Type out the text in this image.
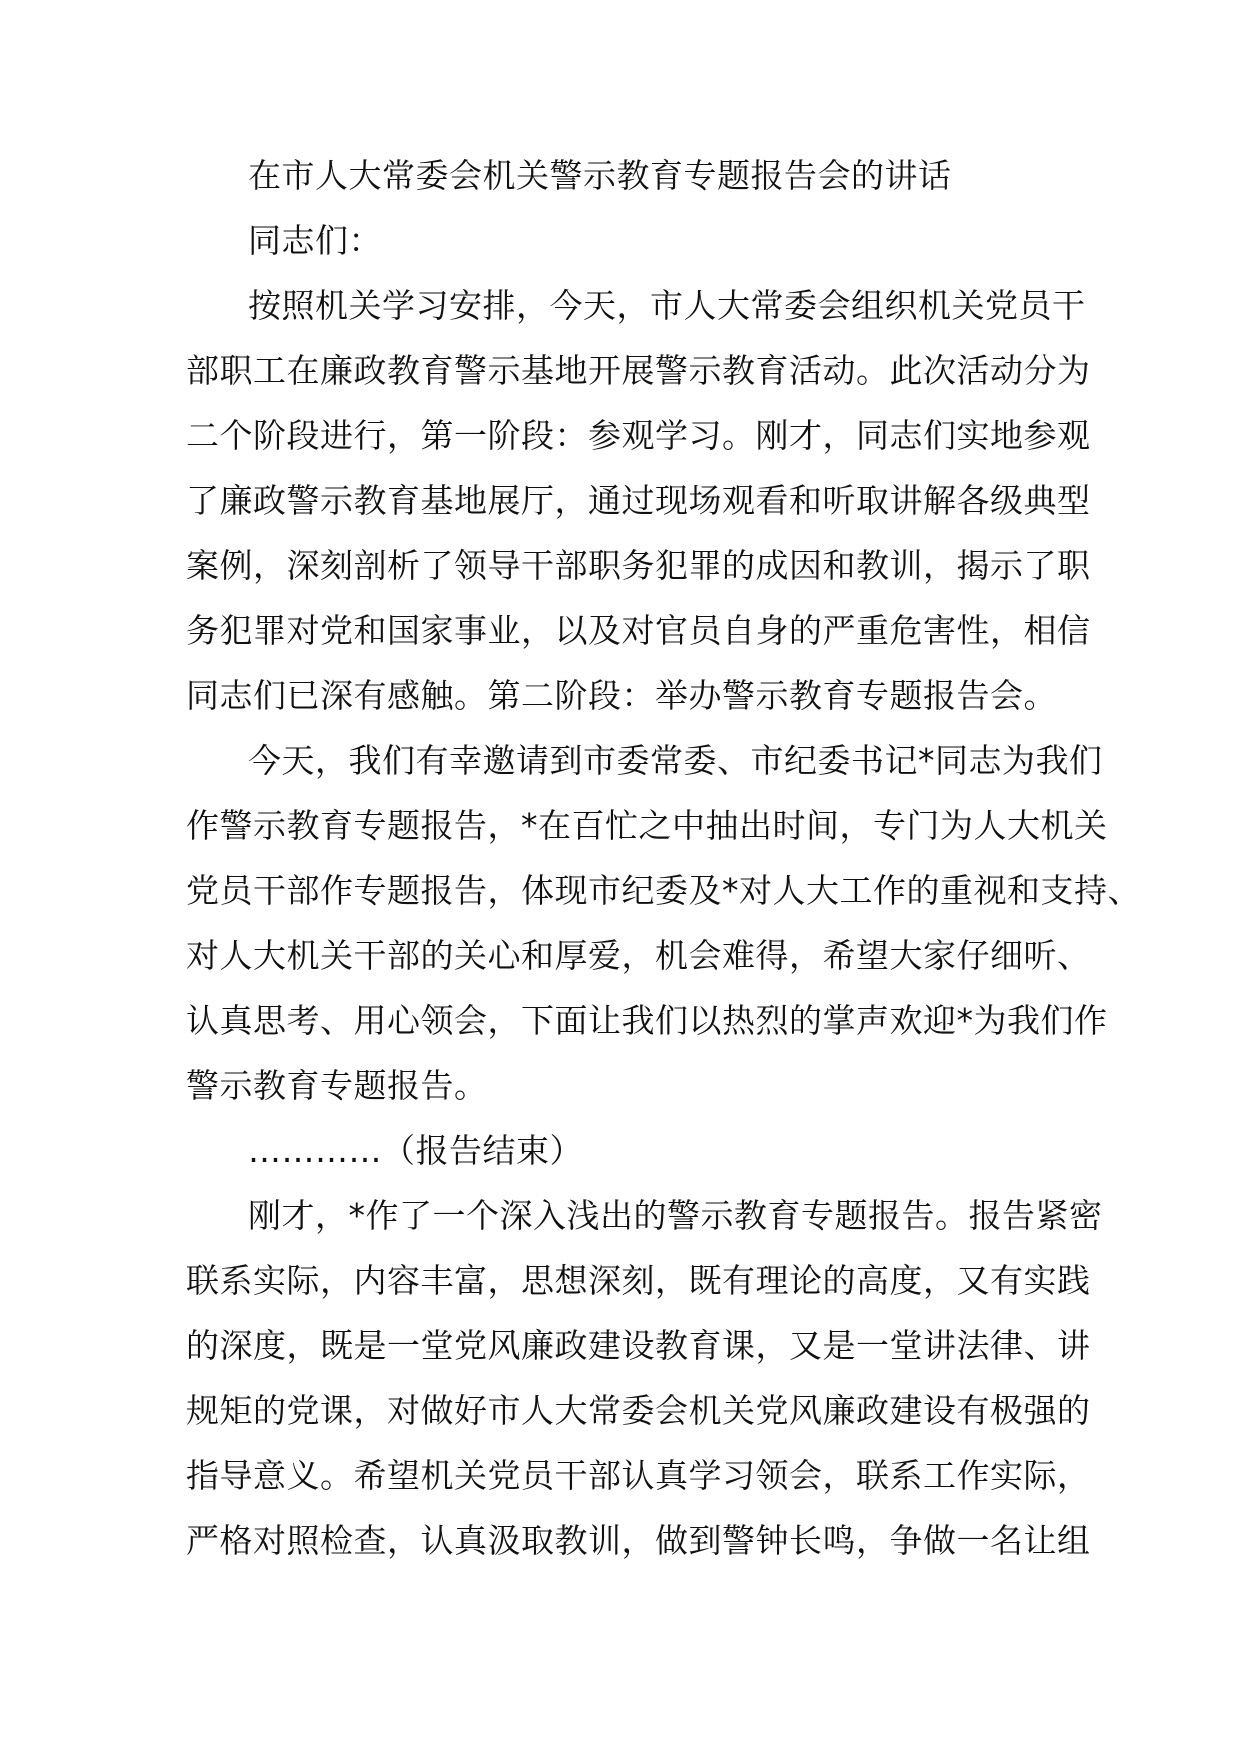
在市人大常委会机关警示教育专题报告会的讲话
同志们：
按照机关学习安排，今天，市人大常委会组织机关党员干
部职工在廉政教育警示基地开展警示教育活动。此次活动分为
二个阶段进行，第一阶段：参观学习。刚才，同志们实地参观
了廉政警示教育基地展厅，通过现场观看和听取讲解各级典型
案例，深刻剖析了领导干部职务犯罪的成因和教训，揭示了职
务犯罪对党和国家事业，以及对官员自身的严重危害性，相信
同志们已深有感触。第二阶段：举办警示教育专题报告会。
今天，我们有幸邀请到市委常委、市纪委书记*同志为我们
作警示教育专题报告，*在百忙之中抽出时间，专门为人大机关
党员干部作专题报告，体现市纪委及*对人大工作的重视和支持、
对人大机关干部的关心和厚爱，机会难得，希望大家仔细听、
认真思考、用心领会，下面让我们以热烈的掌声欢迎*为我们作
警示教育专题报告。
…………（报告结束）
刚才，*作了一个深入浅出的警示教育专题报告。报告紧密
联系实际，内容丰富，思想深刻，既有理论的高度，又有实践
的深度，既是一堂党风廉政建设教育课，又是一堂讲法律、讲
规矩的党课，对做好市人大常委会机关党风廉政建设有极强的
指导意义。希望机关党员干部认真学习领会，联系工作实际，
严格对照检查，认真汲取教训，做到警钟长鸣，争做一名让组
